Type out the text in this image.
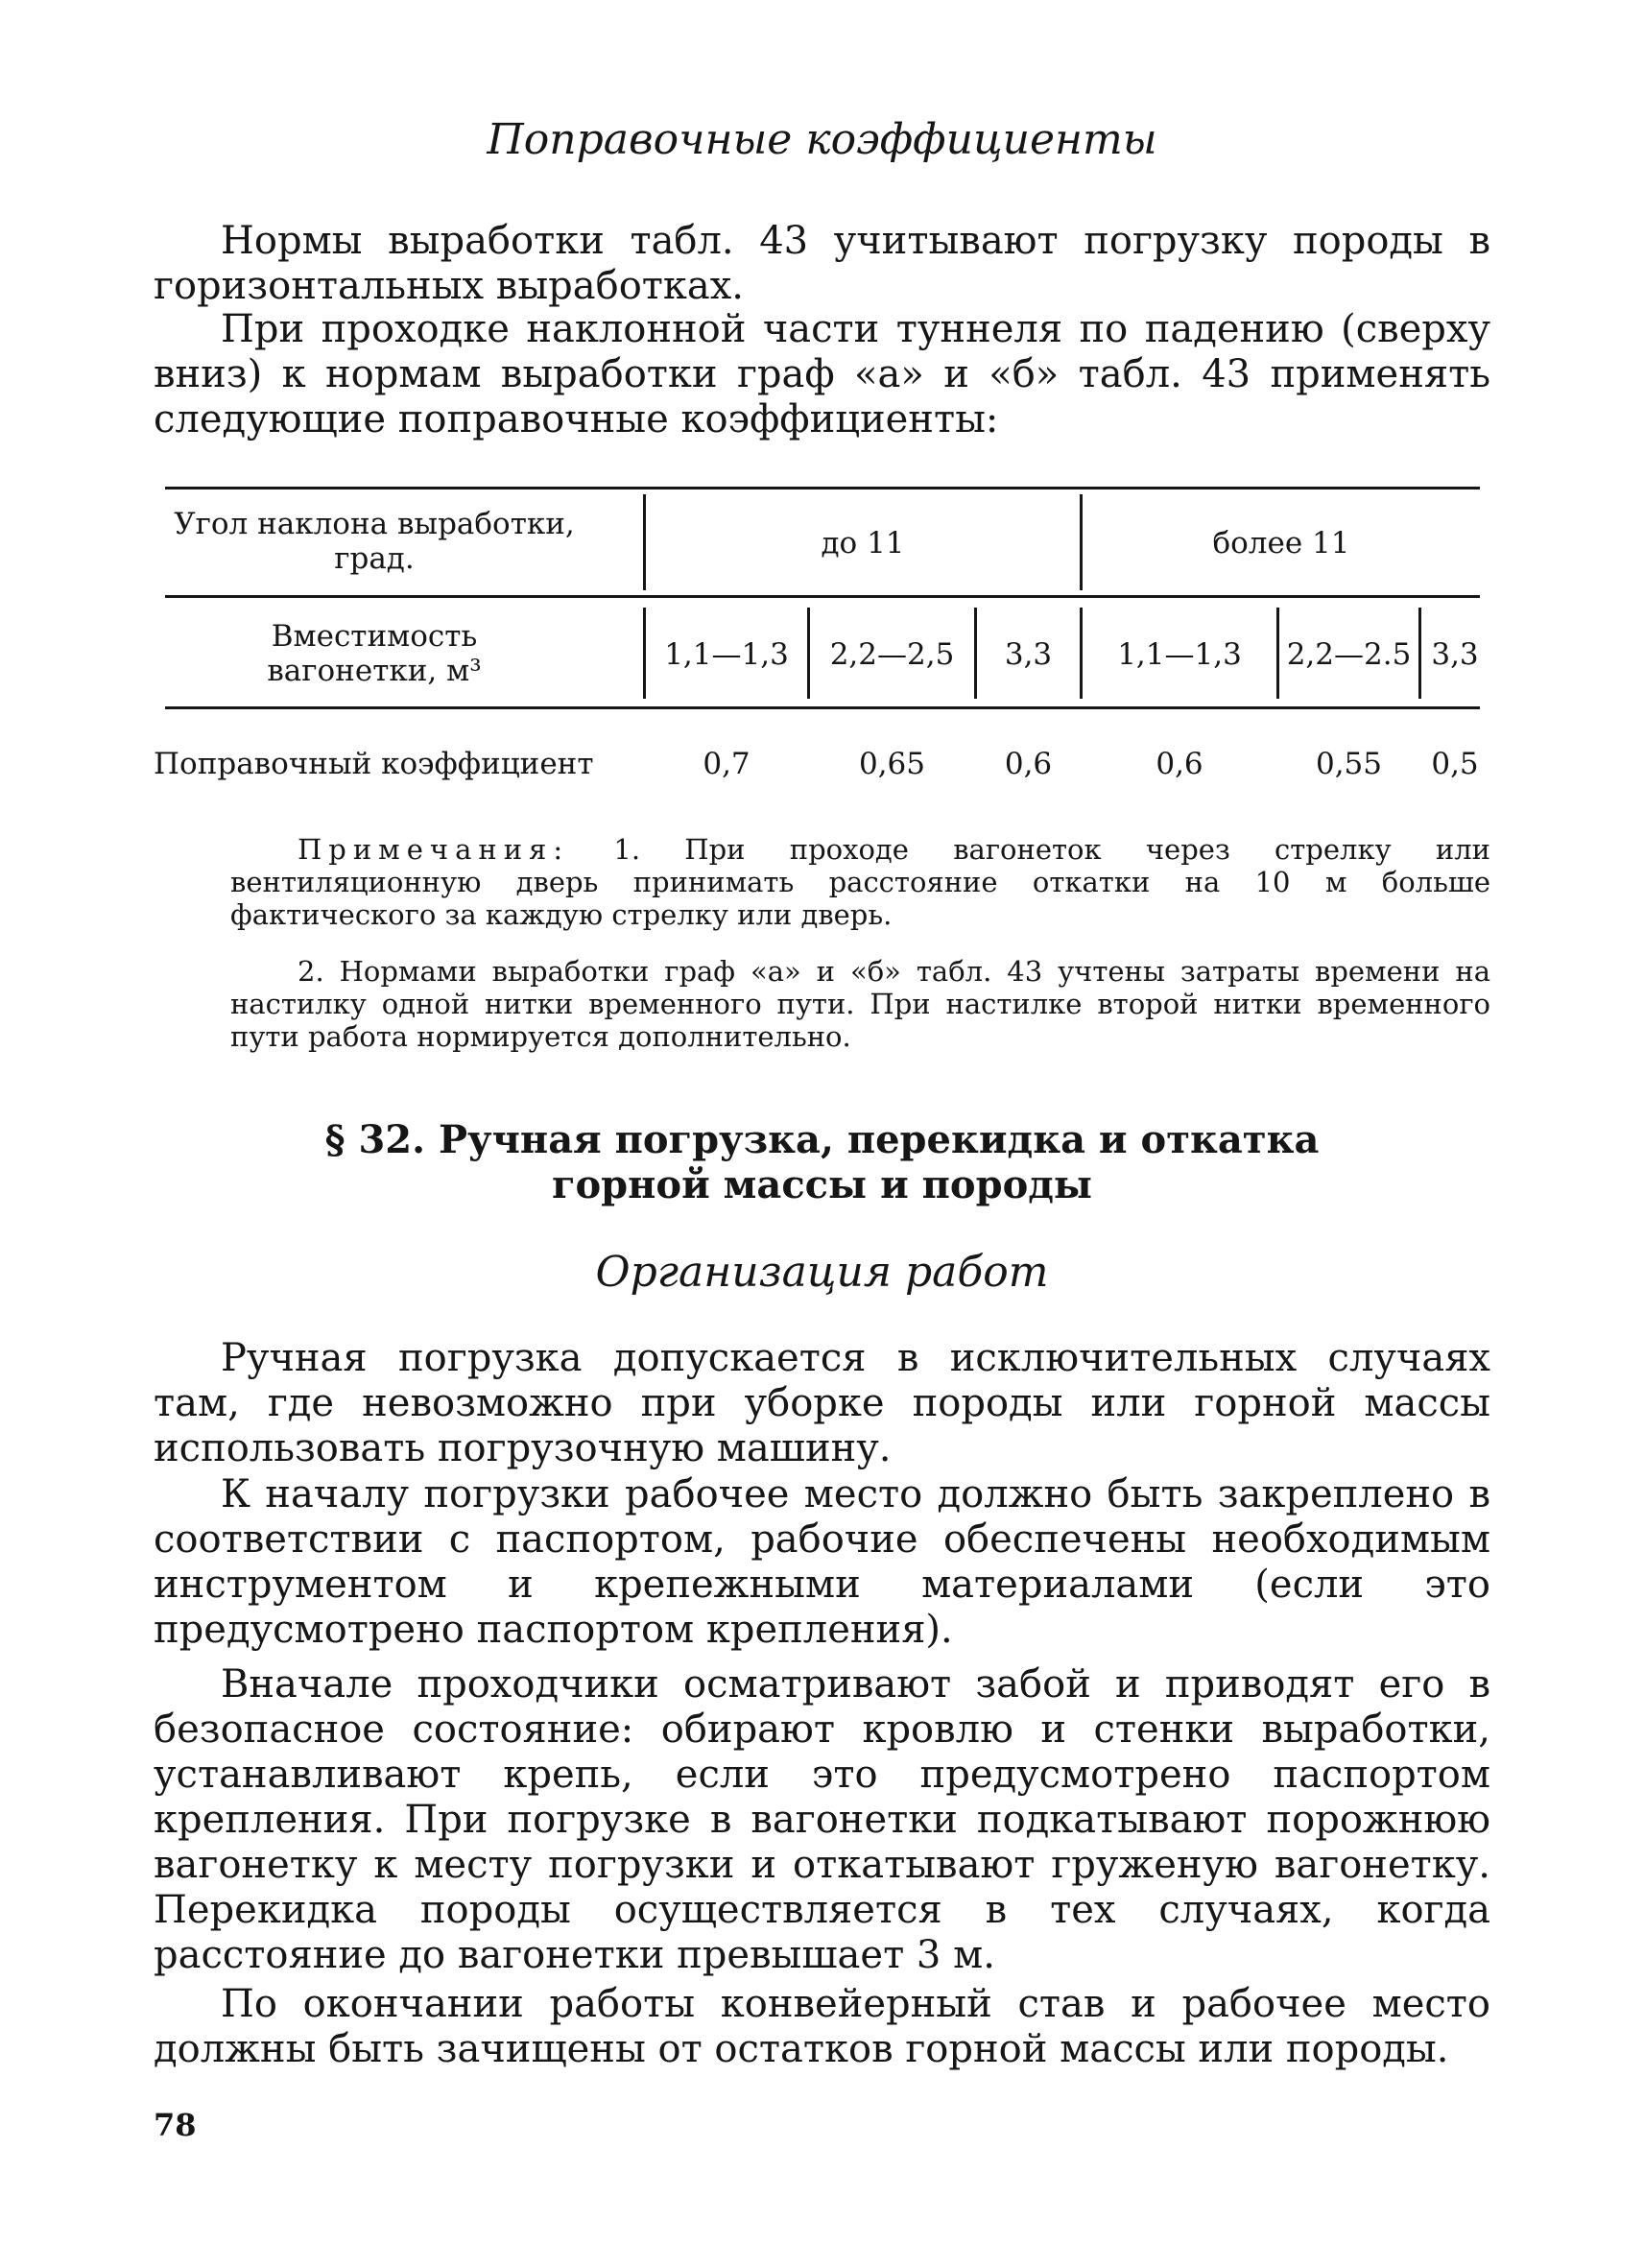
Поправочные коэффициенты
Нормы выработки табл. 43 учитывают погрузку породы в горизонтальных выработках.
При проходке наклонной части туннеля по падению (сверху вниз) к нормам выработки граф «а» и «б» табл. 43 применять следующие поправочные коэффициенты:
Угол наклона выработки, град.	до 11	более 11
Вместимость вагонетки, м³	1,1—1,3	2,2—2,5	3,3	1,1—1,3	2,2—2.5 3,3
Поправочный коэффициент	0,7	0,65	0,6	0,6	0,55	0,5
Примечания: 1. При проходе вагонеток через стрелку или вентиляционную дверь принимать расстояние откатки на 10 м больше фактического за каждую стрелку или дверь.
2. Нормами выработки граф «а» и «б» табл. 43 учтены затраты времени на настилку одной нитки временного пути. При настилке второй нитки временного пути работа нормируется дополнительно.
§ 32. Ручная погрузка, перекидка и откатка
горной массы и породы
Организация работ
Ручная погрузка допускается в исключительных случаях там, где невозможно при уборке породы или горной массы использовать погрузочную машину.
К началу погрузки рабочее место должно быть закреплено в соответствии с паспортом, рабочие обеспечены необходимым инструментом и крепежными материалами (если это предусмотрено паспортом крепления).
Вначале проходчики осматривают забой и приводят его в безопасное состояние: обирают кровлю и стенки выработки, устанавливают крепь, если это предусмотрено паспортом крепления. При погрузке в вагонетки подкатывают порожнюю вагонетку к месту погрузки и откатывают груженую вагонетку. Перекидка породы осуществляется в тех случаях, когда расстояние до вагонетки превышает 3 м.
По окончании работы конвейерный став и рабочее место должны быть зачищены от остатков горной массы или породы.
78
